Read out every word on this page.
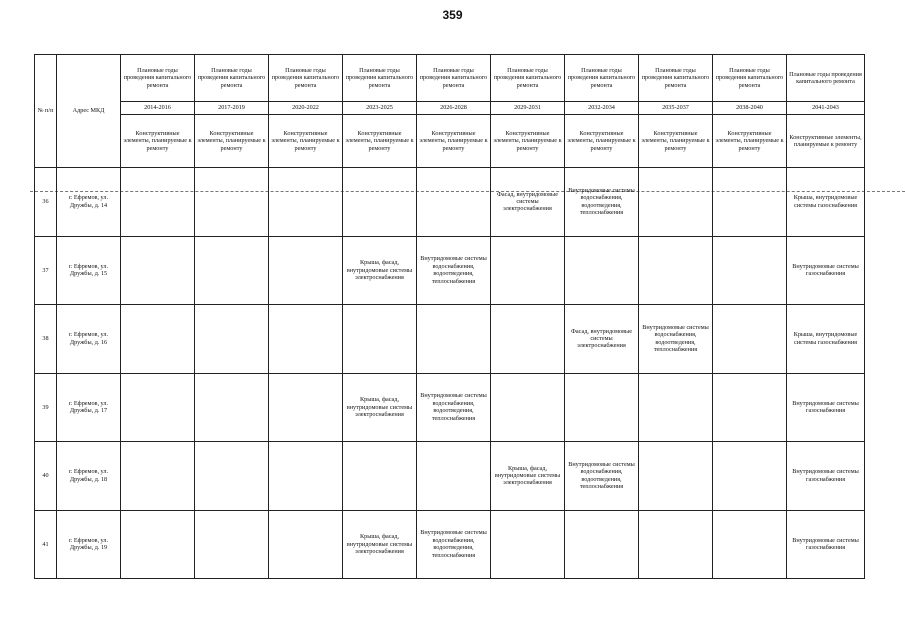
359
№ п/п	Адрес МКД	Плановые годы проведения капитального ремонта	Плановые годы проведения капитального ремонта	Плановые годы проведения капитального ремонта	Плановые годы проведения капитального ремонта	Плановые годы проведения капитального ремонта	Плановые годы проведения капитального ремонта	Плановые годы проведения капитального ремонта	Плановые годы проведения капитального ремонта	Плановые годы проведения капитального ремонта	Плановые годы проведения капитального ремонта
		2014-2016	2017-2019	2020-2022	2023-2025	2026-2028	2029-2031	2032-2034	2035-2037	2038-2040	2041-2043
		Конструктивные элементы, планируемые к ремонту	Конструктивные элементы, планируемые к ремонту	Конструктивные элементы, планируемые к ремонту	Конструктивные элементы, планируемые к ремонту	Конструктивные элементы, планируемые к ремонту	Конструктивные элементы, планируемые к ремонту	Конструктивные элементы, планируемые к ремонту	Конструктивные элементы, планируемые к ремонту	Конструктивные элементы, планируемые к ремонту	Конструктивные элементы, планируемые к ремонту
36	г. Ефремов, ул. Дружбы, д. 14						Фасад, внутридомовые системы электроснабжения	Внутридомовые системы водоснабжения, водоотведения, теплоснабжения			Крыша, внутридомовые системы газоснабжения
37	г. Ефремов, ул. Дружбы, д. 15				Крыша, фасад, внутридомовые системы электроснабжения	Внутридомовые системы водоснабжения, водоотведения, теплоснабжения					Внутридомовые системы газоснабжения
38	г. Ефремов, ул. Дружбы, д. 16							Фасад, внутридомовые системы электроснабжения	Внутридомовые системы водоснабжения, водоотведения, теплоснабжения		Крыша, внутридомовые системы газоснабжения
39	г. Ефремов, ул. Дружбы, д. 17				Крыша, фасад, внутридомовые системы электроснабжения	Внутридомовые системы водоснабжения, водоотведения, теплоснабжения					Внутридомовые системы газоснабжения
40	г. Ефремов, ул. Дружбы, д. 18						Крыша, фасад, внутридомовые системы электроснабжения	Внутридомовые системы водоснабжения, водоотведения, теплоснабжения			Внутридомовые системы газоснабжения
41	г. Ефремов, ул. Дружбы, д. 19				Крыша, фасад, внутридомовые системы электроснабжения	Внутридомовые системы водоснабжения, водоотведения, теплоснабжения					Внутридомовые системы газоснабжения
